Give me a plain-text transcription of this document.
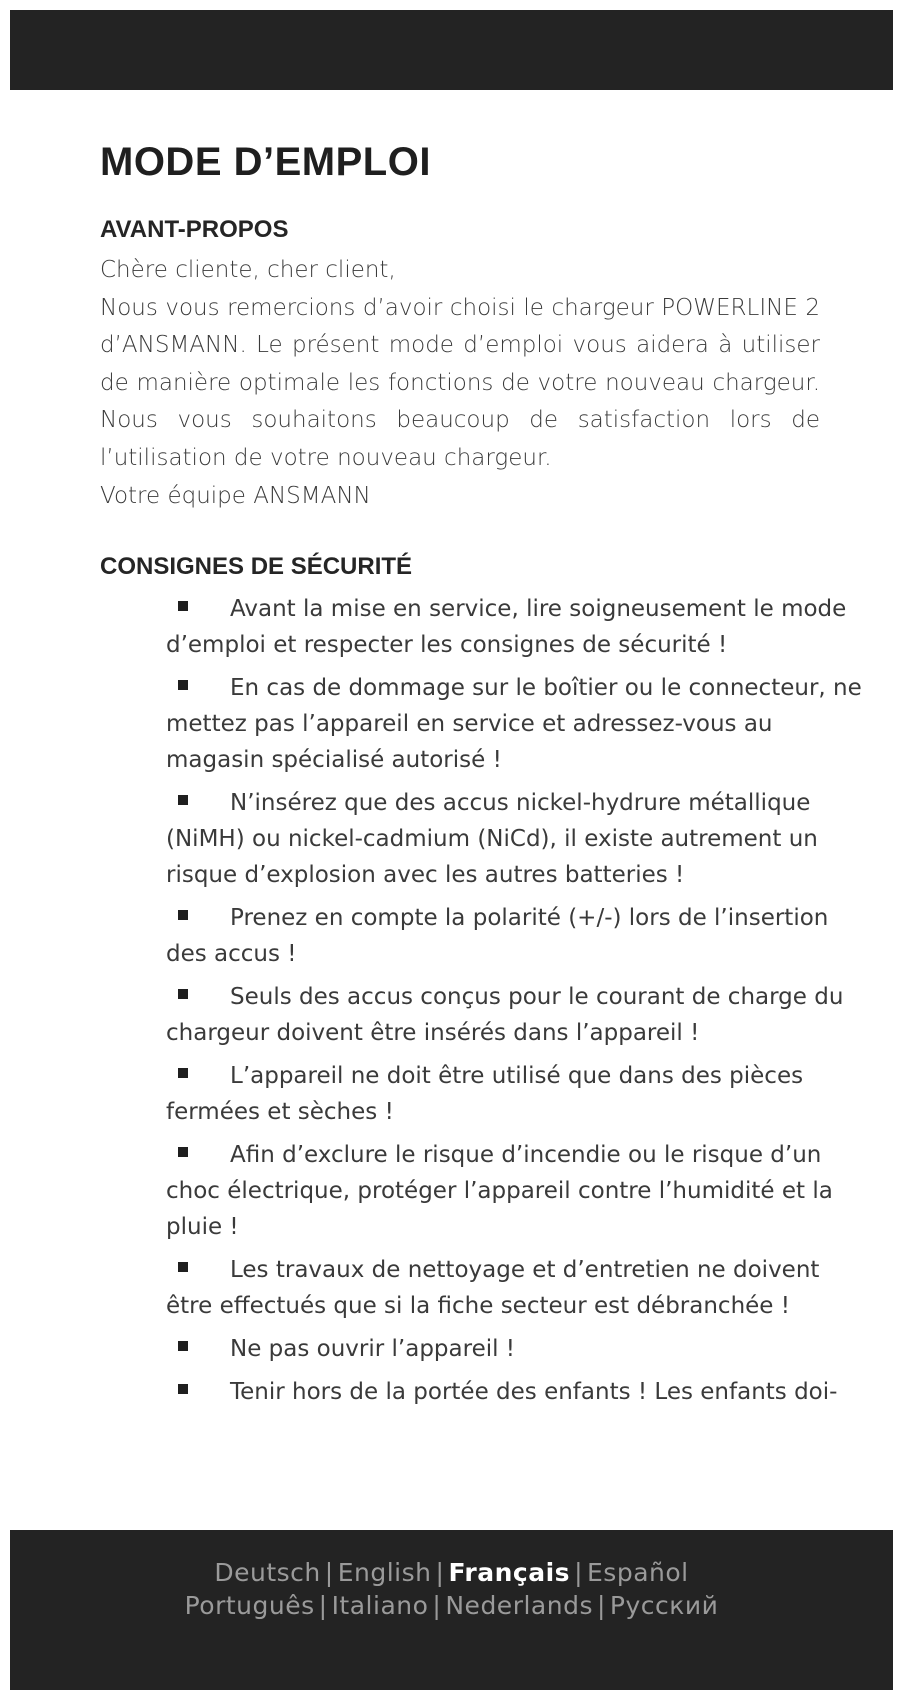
MODE D’EMPLOI
AVANT-PROPOS

Chère cliente, cher client,

Nous vous remercions d’avoir choisi le chargeur POWERLINE 2 d’ANSMANN. Le présent mode d’emploi vous aidera à utiliser de manière optimale les fonctions de votre nouveau chargeur. Nous vous souhaitons beaucoup de satisfaction lors de l’utilisation de votre nouveau chargeur.

Votre équipe ANSMANN

CONSIGNES DE SÉCURITÉ
Avant la mise en service, lire soigneusement le mode d’emploi et respecter les consignes de sécurité !
En cas de dommage sur le boîtier ou le connecteur, ne mettez pas l’appareil en service et adressez-vous au magasin spécialisé autorisé !
N’insérez que des accus nickel-hydrure métallique (NiMH) ou nickel-cadmium (NiCd), il existe autrement un risque d’explosion avec les autres batteries !
Prenez en compte la polarité (+/-) lors de l’insertion des accus !
Seuls des accus conçus pour le courant de charge du chargeur doivent être insérés dans l’appareil !
L’appareil ne doit être utilisé que dans des pièces fermées et sèches !
Afin d’exclure le risque d’incendie ou le risque d’un choc électrique, protéger l’appareil contre l’humidité et la pluie !
Les travaux de nettoyage et d’entretien ne doivent être effectués que si la fiche secteur est débranchée !
Ne pas ouvrir l’appareil !
Tenir hors de la portée des enfants ! Les enfants doi-
Deutsch | English | Français | Español
Português | Italiano | Nederlands | Русский
